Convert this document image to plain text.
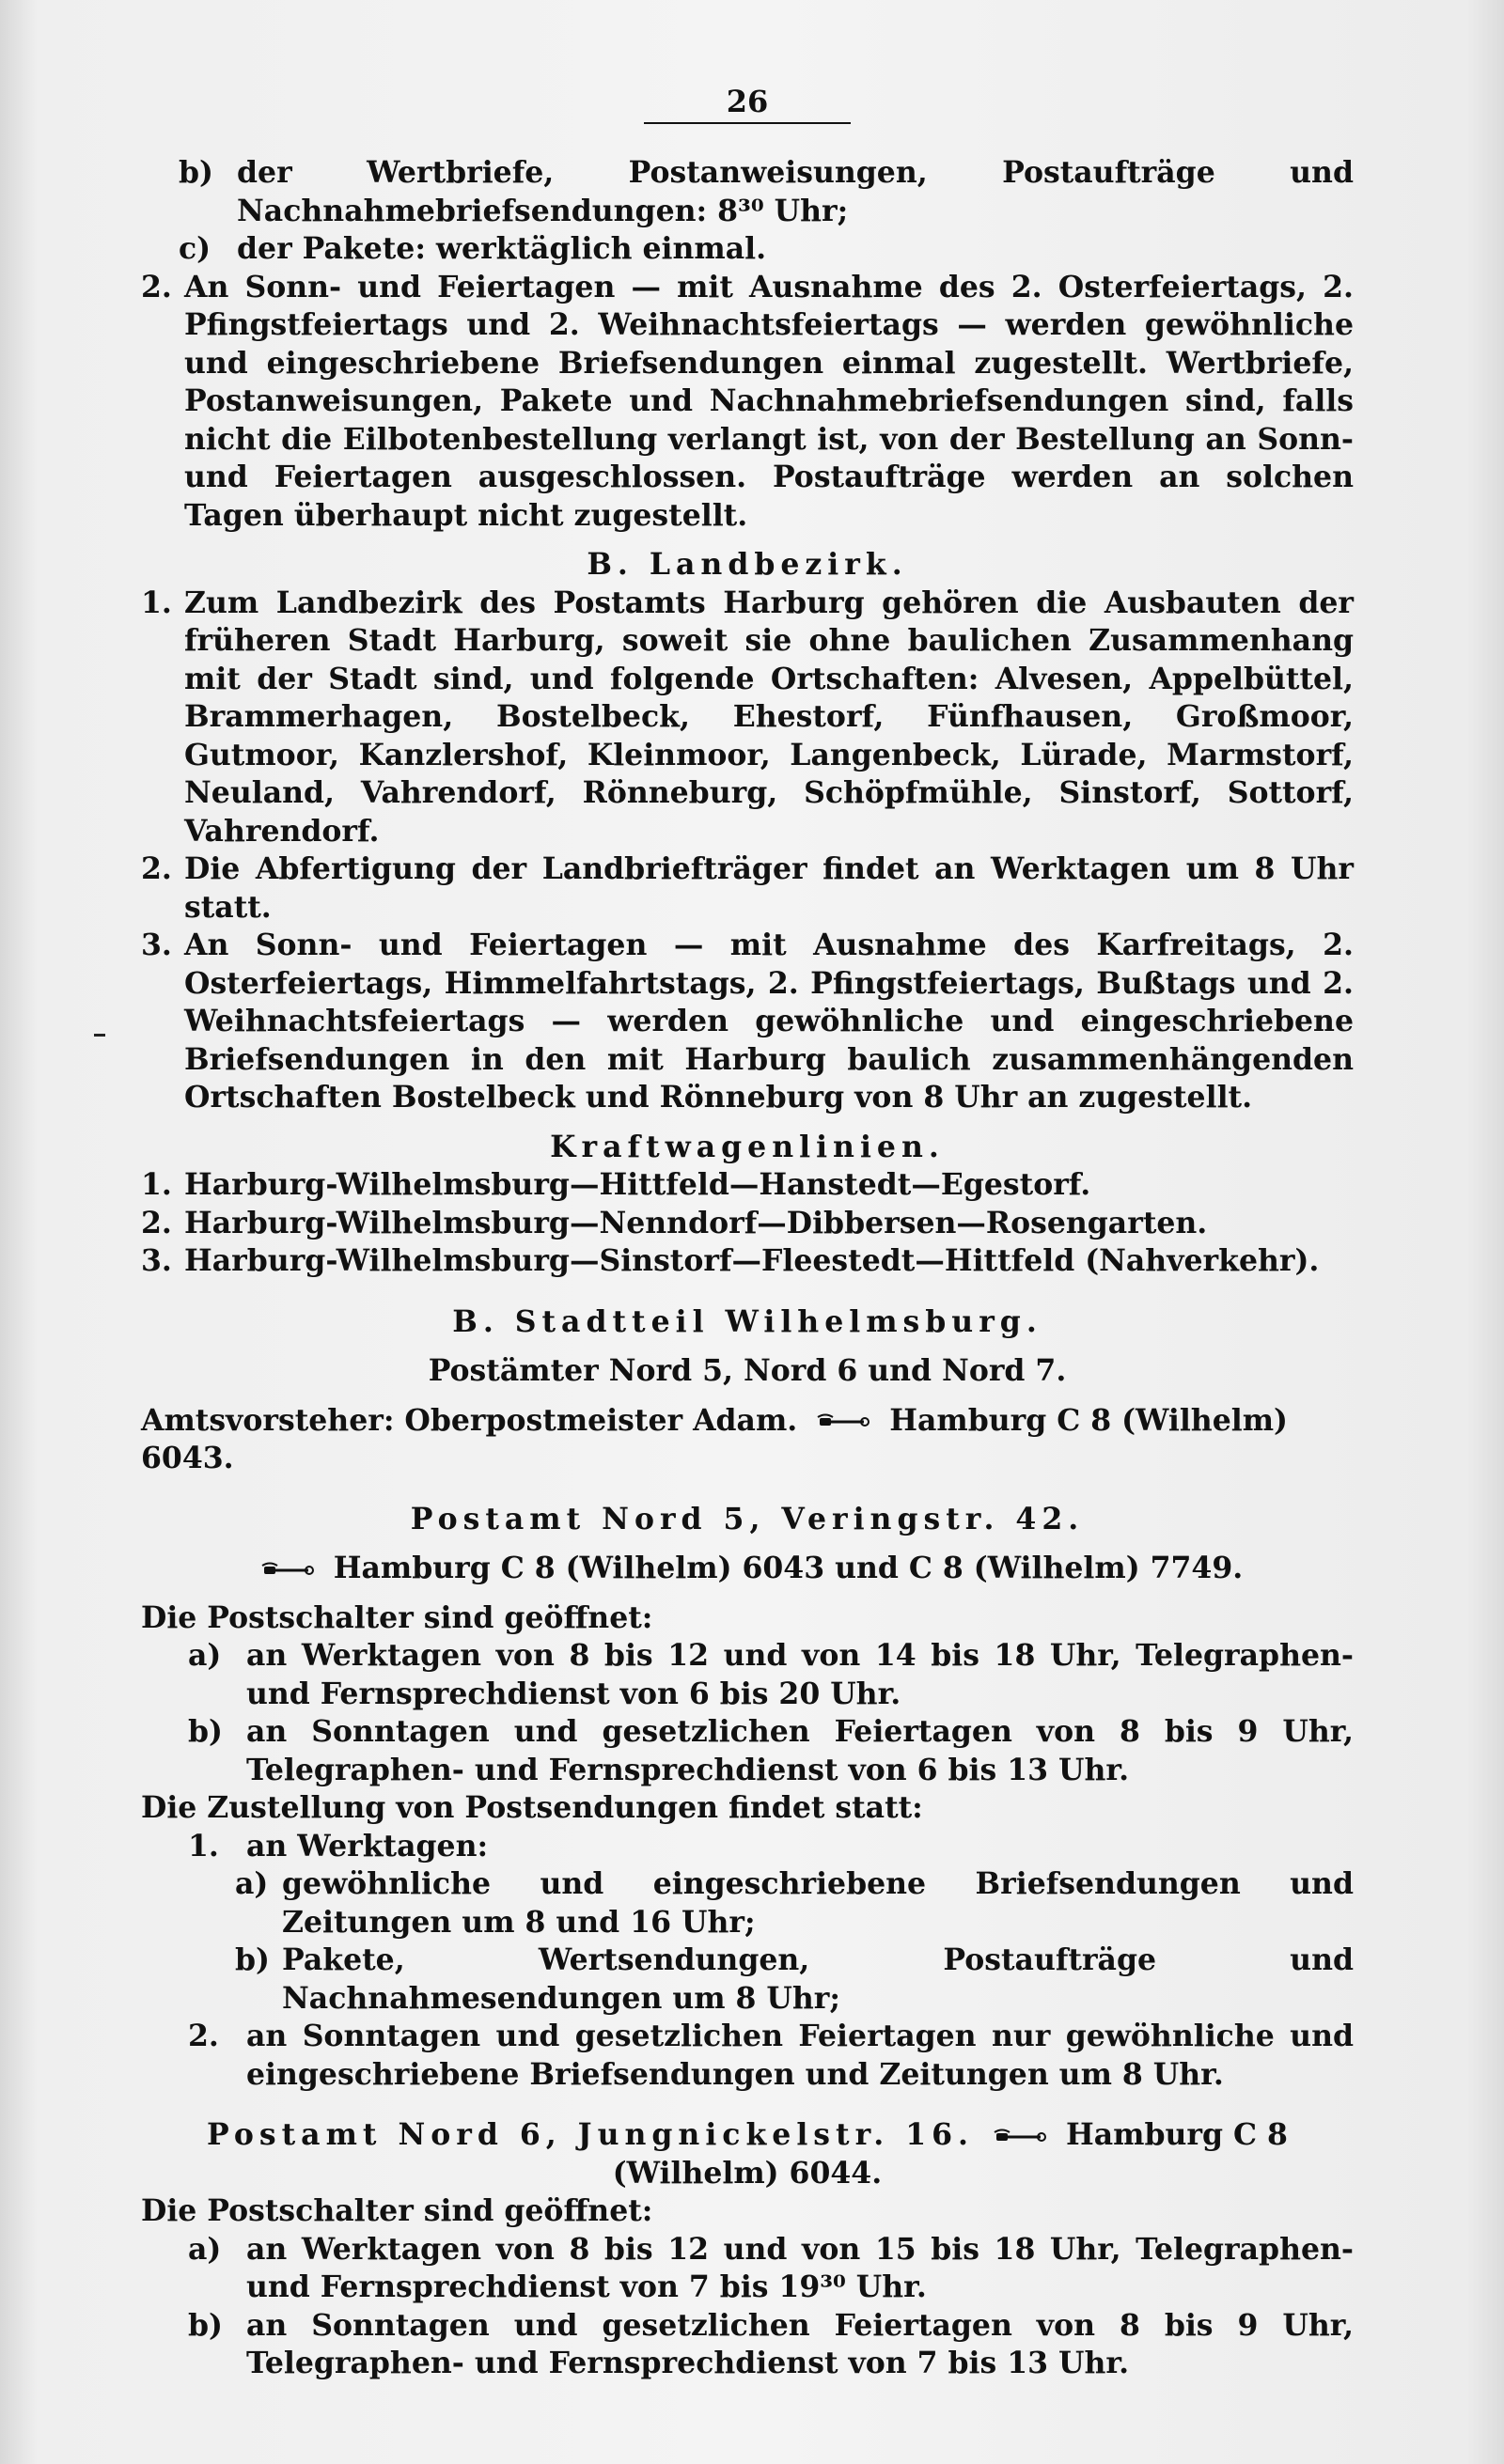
26
b) der Wertbriefe, Postanweisungen, Postaufträge und Nachnahmebriefsendungen: 8³⁰ Uhr;
c) der Pakete: werktäglich einmal.
2. An Sonn- und Feiertagen — mit Ausnahme des 2. Osterfeiertags, 2. Pfingstfeiertags und 2. Weihnachtsfeiertags — werden gewöhnliche und eingeschriebene Briefsendungen einmal zugestellt. Wertbriefe, Postanweisungen, Pakete und Nachnahmebriefsendungen sind, falls nicht die Eilbotenbestellung verlangt ist, von der Bestellung an Sonn- und Feiertagen ausgeschlossen. Postaufträge werden an solchen Tagen überhaupt nicht zugestellt.
B. Landbezirk.
1. Zum Landbezirk des Postamts Harburg gehören die Ausbauten der früheren Stadt Harburg, soweit sie ohne baulichen Zusammenhang mit der Stadt sind, und folgende Ortschaften: Alvesen, Appelbüttel, Brammerhagen, Bostelbeck, Ehestorf, Fünfhausen, Großmoor, Gutmoor, Kanzlershof, Kleinmoor, Langenbeck, Lürade, Marmstorf, Neuland, Vahrendorf, Rönneburg, Schöpfmühle, Sinstorf, Sottorf, Vahrendorf.
2. Die Abfertigung der Landbriefträger findet an Werktagen um 8 Uhr statt.
3. An Sonn- und Feiertagen — mit Ausnahme des Karfreitags, 2. Osterfeiertags, Himmelfahrtstags, 2. Pfingstfeiertags, Bußtags und 2. Weihnachtsfeiertags — werden gewöhnliche und eingeschriebene Briefsendungen in den mit Harburg baulich zusammenhängenden Ortschaften Bostelbeck und Rönneburg von 8 Uhr an zugestellt.
Kraftwagenlinien.
1. Harburg-Wilhelmsburg—Hittfeld—Hanstedt—Egestorf.
2. Harburg-Wilhelmsburg—Nenndorf—Dibbersen—Rosengarten.
3. Harburg-Wilhelmsburg—Sinstorf—Fleestedt—Hittfeld (Nahverkehr).
B. Stadtteil Wilhelmsburg.
Postämter Nord 5, Nord 6 und Nord 7.
Amtsvorsteher: Oberpostmeister Adam.	Hamburg C 8 (Wilhelm) 6043.
Postamt Nord 5, Veringstr. 42.
Hamburg C 8 (Wilhelm) 6043 und C 8 (Wilhelm) 7749.
Die Postschalter sind geöffnet:
a) an Werktagen von 8 bis 12 und von 14 bis 18 Uhr, Telegraphen- und Fernsprechdienst von 6 bis 20 Uhr.
b) an Sonntagen und gesetzlichen Feiertagen von 8 bis 9 Uhr, Telegraphen- und Fernsprechdienst von 6 bis 13 Uhr.
Die Zustellung von Postsendungen findet statt:
1. an Werktagen:
a) gewöhnliche und eingeschriebene Briefsendungen und Zeitungen um 8 und 16 Uhr;
b) Pakete, Wertsendungen, Postaufträge und Nachnahmesendungen um 8 Uhr;
2. an Sonntagen und gesetzlichen Feiertagen nur gewöhnliche und eingeschriebene Briefsendungen und Zeitungen um 8 Uhr.
Postamt Nord 6, Jungnickelstr. 16.	Hamburg C 8 (Wilhelm) 6044.
Die Postschalter sind geöffnet:
a) an Werktagen von 8 bis 12 und von 15 bis 18 Uhr, Telegraphen- und Fernsprechdienst von 7 bis 19³⁰ Uhr.
b) an Sonntagen und gesetzlichen Feiertagen von 8 bis 9 Uhr, Telegraphen- und Fernsprechdienst von 7 bis 13 Uhr.
